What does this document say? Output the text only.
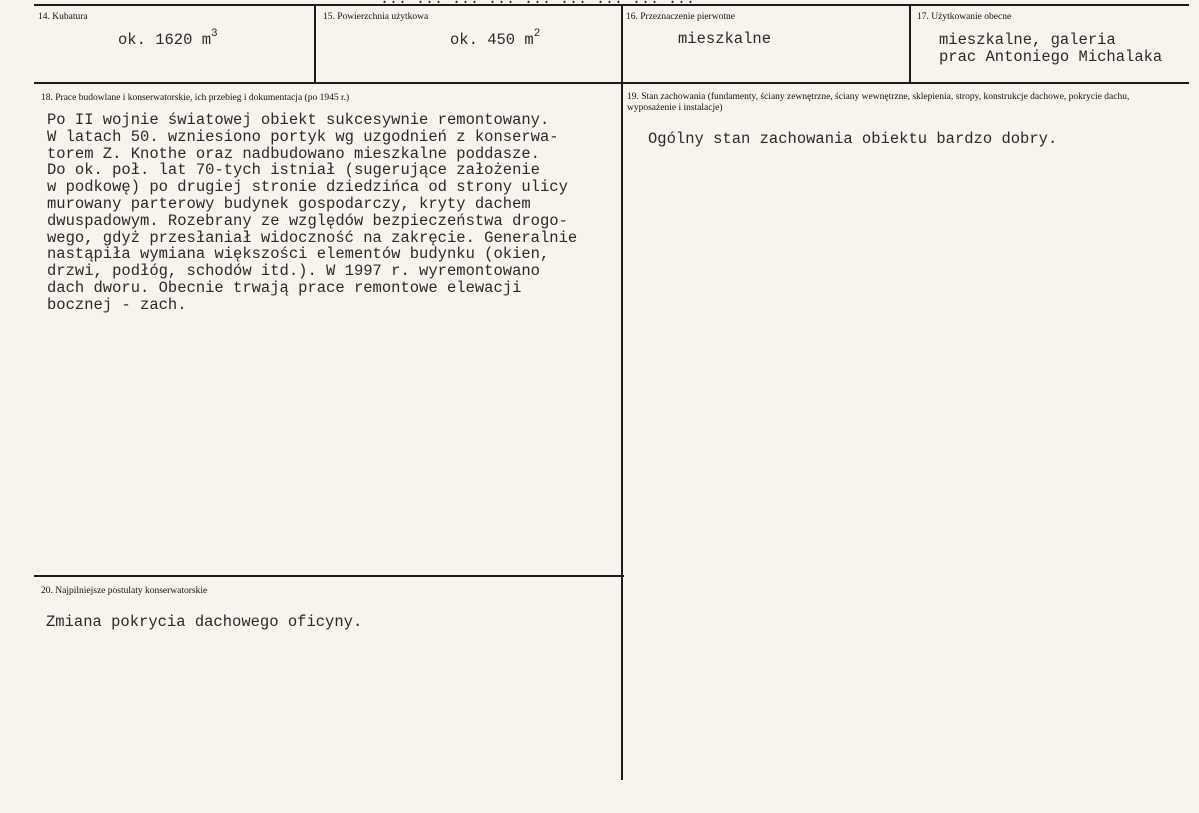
14. Kubatura
ok. 1620 $m^3$
15. Powierzchnia użytkowa
ok. 450 $m^2$
16. Przeznaczenie pierwotne
mieszkalne
17. Użytkowanie obecne
mieszkalne, galeria
prac Antoniego Michalaka
18. Prace budowlane i konserwatorskie, ich przebieg i dokumentacja (po 1945 r.)
Po II wojnie światowej obiekt sukcesywnie remontowany.
W latach 50. wzniesiono portyk wg uzgodnień z konserwa-
torem Z. Knothe oraz nadbudowano mieszkalne poddasze.
Do ok. poł. lat 70-tych istniał (sugerujące założenie
w podkowę) po drugiej stronie dziedzińca od strony ulicy
murowany parterowy budynek gospodarczy, kryty dachem
dwuspadowym. Rozebrany ze względów bezpieczeństwa drogo-
wego, gdyż przesłaniał widoczność na zakręcie. Generalnie
nastąpiła wymiana większości elementów budynku (okien,
drzwi, podłóg, schodów itd.). W 1997 r. wyremontowano
dach dworu. Obecnie trwają prace remontowe elewacji
bocznej - zach.
19. Stan zachowania (fundamenty, ściany zewnętrzne, ściany wewnętrzne, sklepienia, stropy, konstrukcje dachowe, pokrycie dachu, wyposażenie i instalacje)
Ogólny stan zachowania obiektu bardzo dobry.
20. Najpilniejsze postulaty konserwatorskie
Zmiana pokrycia dachowego oficyny.
